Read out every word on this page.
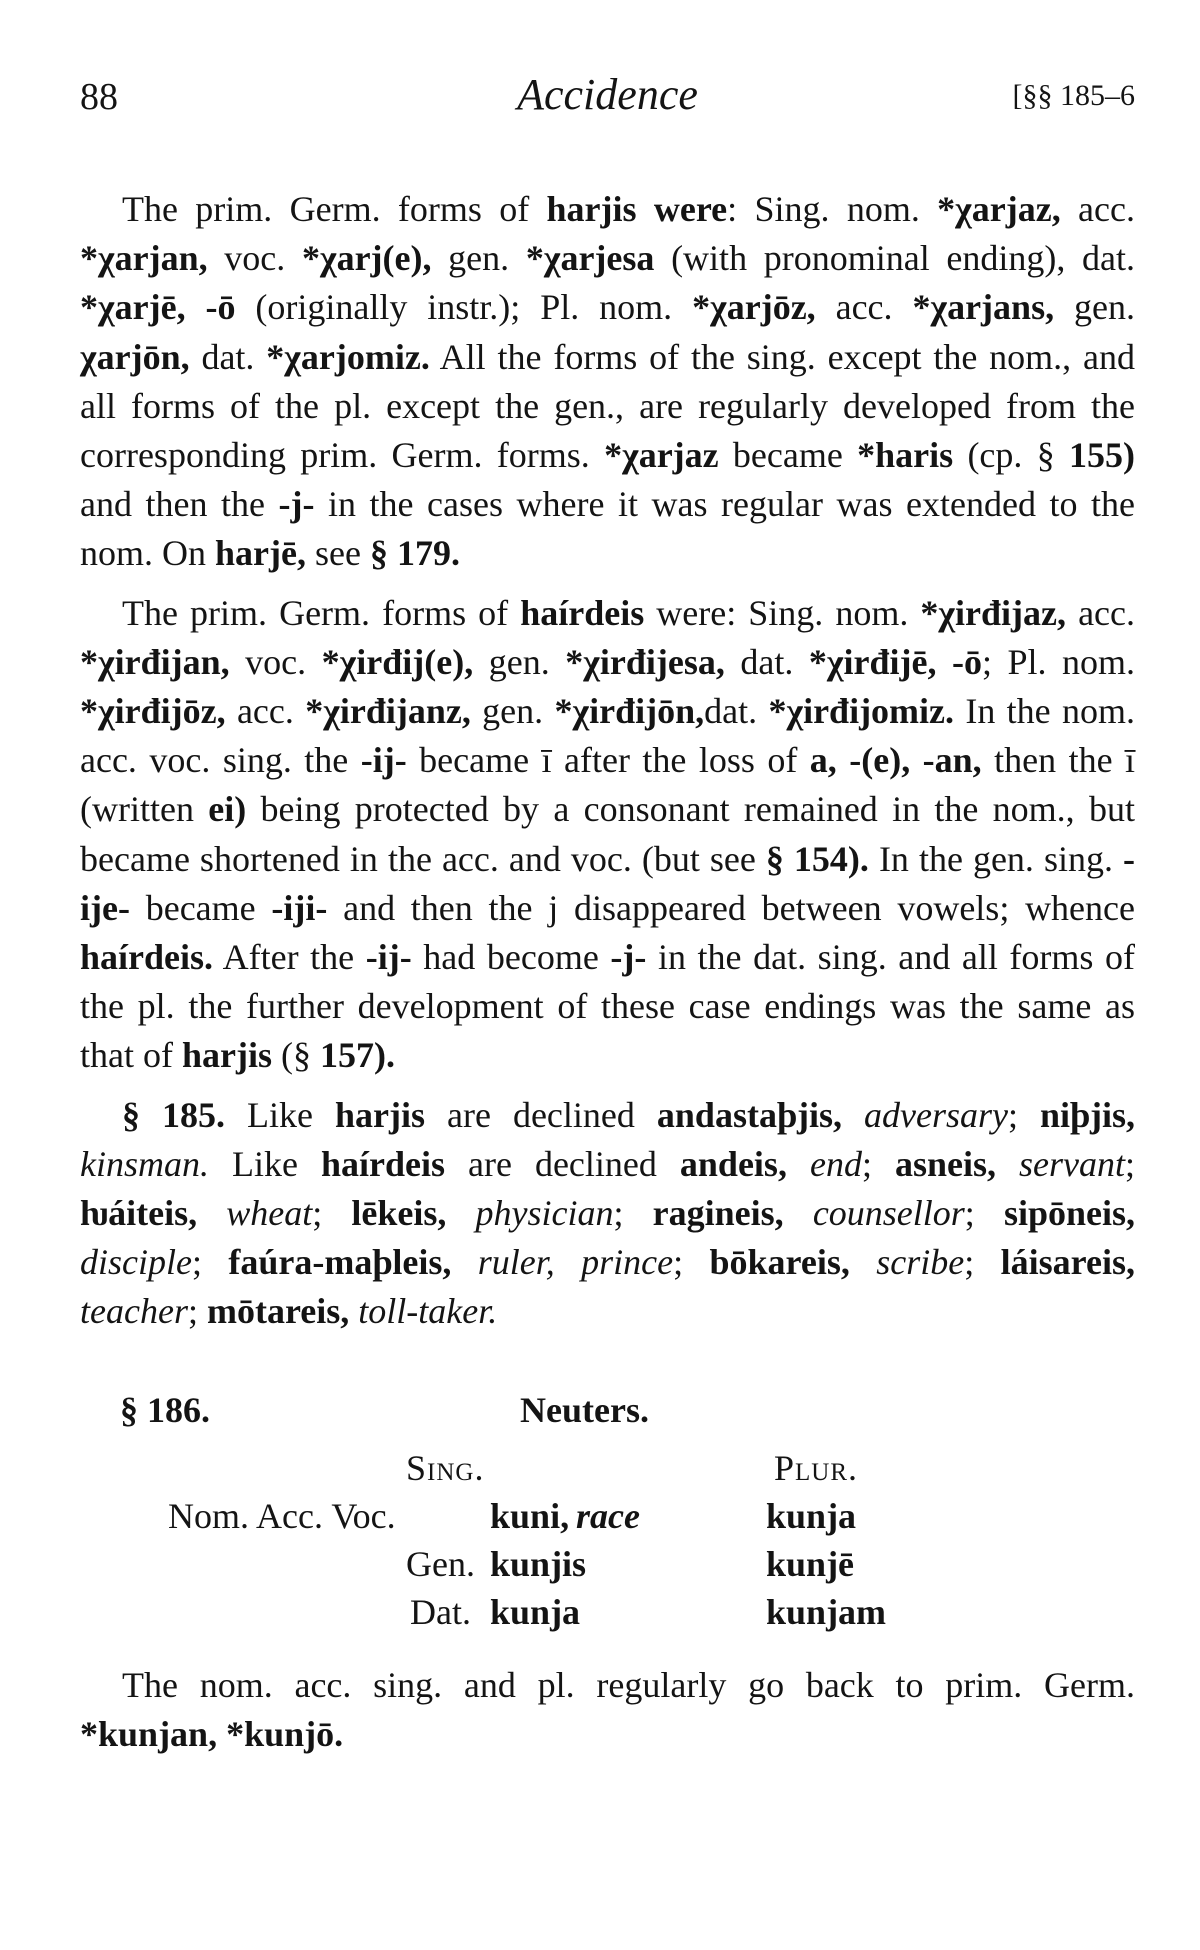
88	Accidence	[§§ 185–6

The prim. Germ. forms of harjis were: Sing. nom. *χarjaz, acc. *χarjan, voc. *χarj(e), gen. *χarjesa (with pronominal ending), dat. *χarjē, -ō (originally instr.); Pl. nom. *χarjōz, acc. *χarjans, gen. χarjōn, dat. *χarjomiz. All the forms of the sing. except the nom., and all forms of the pl. except the gen., are regularly developed from the corresponding prim. Germ. forms. *χarjaz became *haris (cp. § 155) and then the -j- in the cases where it was regular was extended to the nom. On harjē, see § 179.

The prim. Germ. forms of haírdeis were: Sing. nom. *χirđijaz, acc. *χirđijan, voc. *χirđij(e), gen. *χirđijesa, dat. *χirđijē, -ō; Pl. nom. *χirđijōz, acc. *χirđijanz, gen. *χirđijōn,dat. *χirđijomiz. In the nom. acc. voc. sing. the -ij- became ī after the loss of a, -(e), -an, then the ī (written ei) being protected by a consonant remained in the nom., but became shortened in the acc. and voc. (but see § 154). In the gen. sing. -ije- became -iji- and then the j disappeared between vowels; whence haírdeis. After the -ij- had become -j- in the dat. sing. and all forms of the pl. the further development of these case endings was the same as that of harjis (§ 157).

§ 185. Like harjis are declined andastaþjis, adversary; niþjis, kinsman. Like haírdeis are declined andeis, end; asneis, servant; ƕáiteis, wheat; lēkeis, physician; ragineis, counsellor; sipōneis, disciple; faúra-maþleis, ruler, prince; bōkareis, scribe; láisareis, teacher; mōtareis, toll-taker.

§ 186.	Neuters.
Sing.	Plur.
Nom. Acc. Voc.	kuni, race	kunja
Gen. kunjis	kunjē
Dat. kunja	kunjam

The nom. acc. sing. and pl. regularly go back to prim. Germ. *kunjan, *kunjō.
